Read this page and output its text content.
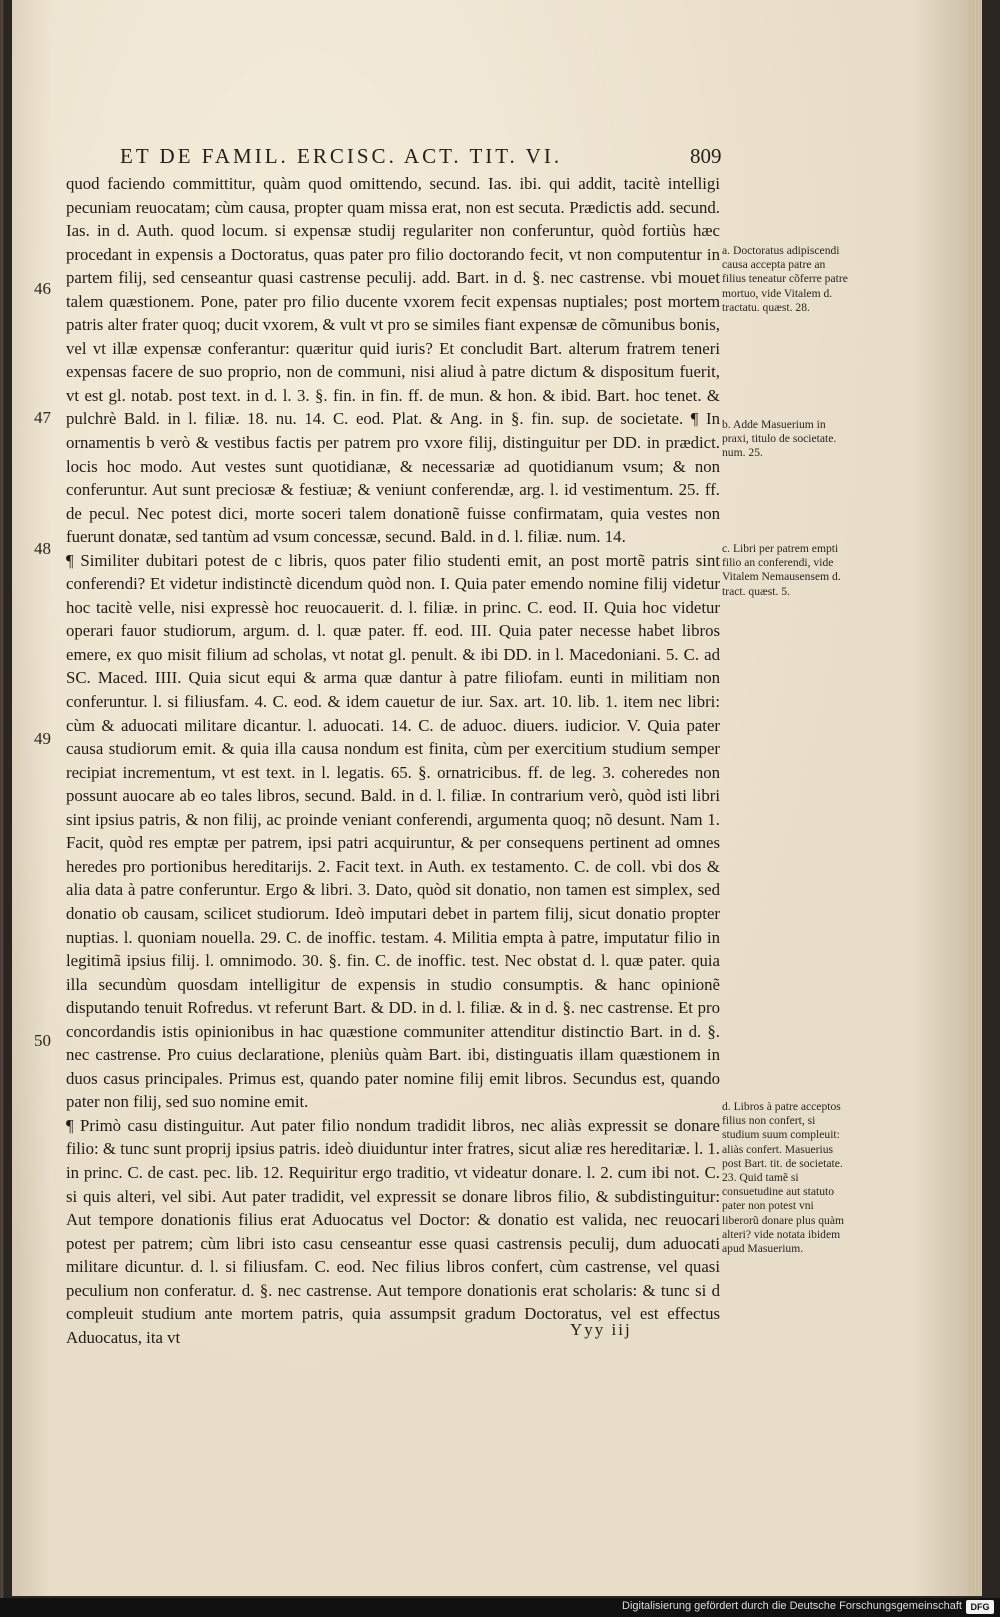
ET DE FAMIL. ERCISC. ACT. TIT. VI.	809
46
47
48
49
50

quod faciendo committitur, quàm quod omittendo, secund. Ias. ibi. qui addit, tacitè intelligi pecuniam reuocatam; cùm causa, propter quam missa erat, non est secuta. Prædictis add. secund. Ias. in d. Auth. quod locum. si expensæ studij regulariter non conferuntur, quòd fortiùs hæc procedant in expensis a Doctoratus, quas pater pro filio doctorando fecit, vt non computentur in partem filij, sed censeantur quasi castrense peculij. add. Bart. in d. §. nec castrense. vbi mouet talem quæstionem. Pone, pater pro filio ducente vxorem fecit expensas nuptiales; post mortem patris alter frater quoq; ducit vxorem, & vult vt pro se similes fiant expensæ de cõmunibus bonis, vel vt illæ expensæ conferantur: quæritur quid iuris? Et concludit Bart. alterum fratrem teneri expensas facere de suo proprio, non de communi, nisi aliud à patre dictum & dispositum fuerit, vt est gl. notab. post text. in d. l. 3. §. fin. in fin. ff. de mun. & hon. & ibid. Bart. hoc tenet. & pulchrè Bald. in l. filiæ. 18. nu. 14. C. eod. Plat. & Ang. in §. fin. sup. de societate. ¶ In ornamentis b verò & vestibus factis per patrem pro vxore filij, distinguitur per DD. in prædict. locis hoc modo. Aut vestes sunt quotidianæ, & necessariæ ad quotidianum vsum; & non conferuntur. Aut sunt preciosæ & festiuæ; & veniunt conferendæ, arg. l. id vestimentum. 25. ff. de pecul. Nec potest dici, morte soceri talem donationẽ fuisse confirmatam, quia vestes non fuerunt donatæ, sed tantùm ad vsum concessæ, secund. Bald. in d. l. filiæ. num. 14.

¶ Similiter dubitari potest de c libris, quos pater filio studenti emit, an post mortẽ patris sint conferendi? Et videtur indistinctè dicendum quòd non. I. Quia pater emendo nomine filij videtur hoc tacitè velle, nisi expressè hoc reuocauerit. d. l. filiæ. in princ. C. eod. II. Quia hoc videtur operari fauor studiorum, argum. d. l. quæ pater. ff. eod. III. Quia pater necesse habet libros emere, ex quo misit filium ad scholas, vt notat gl. penult. & ibi DD. in l. Macedoniani. 5. C. ad SC. Maced. IIII. Quia sicut equi & arma quæ dantur à patre filiofam. eunti in militiam non conferuntur. l. si filiusfam. 4. C. eod. & idem cauetur de iur. Sax. art. 10. lib. 1. item nec libri: cùm & aduocati militare dicantur. l. aduocati. 14. C. de aduoc. diuers. iudicior. V. Quia pater causa studiorum emit. & quia illa causa nondum est finita, cùm per exercitium studium semper recipiat incrementum, vt est text. in l. legatis. 65. §. ornatricibus. ff. de leg. 3. coheredes non possunt auocare ab eo tales libros, secund. Bald. in d. l. filiæ. In contrarium verò, quòd isti libri sint ipsius patris, & non filij, ac proinde veniant conferendi, argumenta quoq; nõ desunt. Nam 1. Facit, quòd res emptæ per patrem, ipsi patri acquiruntur, & per consequens pertinent ad omnes heredes pro portionibus hereditarijs. 2. Facit text. in Auth. ex testamento. C. de coll. vbi dos & alia data à patre conferuntur. Ergo & libri. 3. Dato, quòd sit donatio, non tamen est simplex, sed donatio ob causam, scilicet studiorum. Ideò imputari debet in partem filij, sicut donatio propter nuptias. l. quoniam nouella. 29. C. de inoffic. testam. 4. Militia empta à patre, imputatur filio in legitimã ipsius filij. l. omnimodo. 30. §. fin. C. de inoffic. test. Nec obstat d. l. quæ pater. quia illa secundùm quosdam intelligitur de expensis in studio consumptis. & hanc opinionẽ disputando tenuit Rofredus. vt referunt Bart. & DD. in d. l. filiæ. & in d. §. nec castrense. Et pro concordandis istis opinionibus in hac quæstione communiter attenditur distinctio Bart. in d. §. nec castrense. Pro cuius declaratione, pleniùs quàm Bart. ibi, distinguatis illam quæstionem in duos casus principales. Primus est, quando pater nomine filij emit libros. Secundus est, quando pater non filij, sed suo nomine emit.

¶ Primò casu distinguitur. Aut pater filio nondum tradidit libros, nec aliàs expressit se donare filio: & tunc sunt proprij ipsius patris. ideò diuiduntur inter fratres, sicut aliæ res hereditariæ. l. 1. in princ. C. de cast. pec. lib. 12. Requiritur ergo traditio, vt videatur donare. l. 2. cum ibi not. C. si quis alteri, vel sibi. Aut pater tradidit, vel expressit se donare libros filio, & subdistinguitur: Aut tempore donationis filius erat Aduocatus vel Doctor: & donatio est valida, nec reuocari potest per patrem; cùm libri isto casu censeantur esse quasi castrensis peculij, dum aduocati militare dicuntur. d. l. si filiusfam. C. eod. Nec filius libros confert, cùm castrense, vel quasi peculium non conferatur. d. §. nec castrense. Aut tempore donationis erat scholaris: & tunc si d compleuit studium ante mortem patris, quia assumpsit gradum Doctoratus, vel est effectus Aduocatus, ita vt

a. Doctoratus adipiscendi causa accepta patre an filius teneatur cõferre patre mortuo, vide Vitalem d. tractatu. quæst. 28.
b. Adde Masuerium in praxi, titulo de societate. num. 25.
c. Libri per patrem empti filio an conferendi, vide Vitalem Nemausensem d. tract. quæst. 5.
d. Libros à patre acceptos filius non confert, si studium suum compleuit: aliàs confert. Masuerius post Bart. tit. de societate. 23. Quid tamẽ si consuetudine aut statuto pater non potest vni liberorũ donare plus quàm alteri? vide notata ibidem apud Masuerium.
Yyy iij
Digitalisierung gefördert durch die Deutsche Forschungsgemeinschaft DFG
